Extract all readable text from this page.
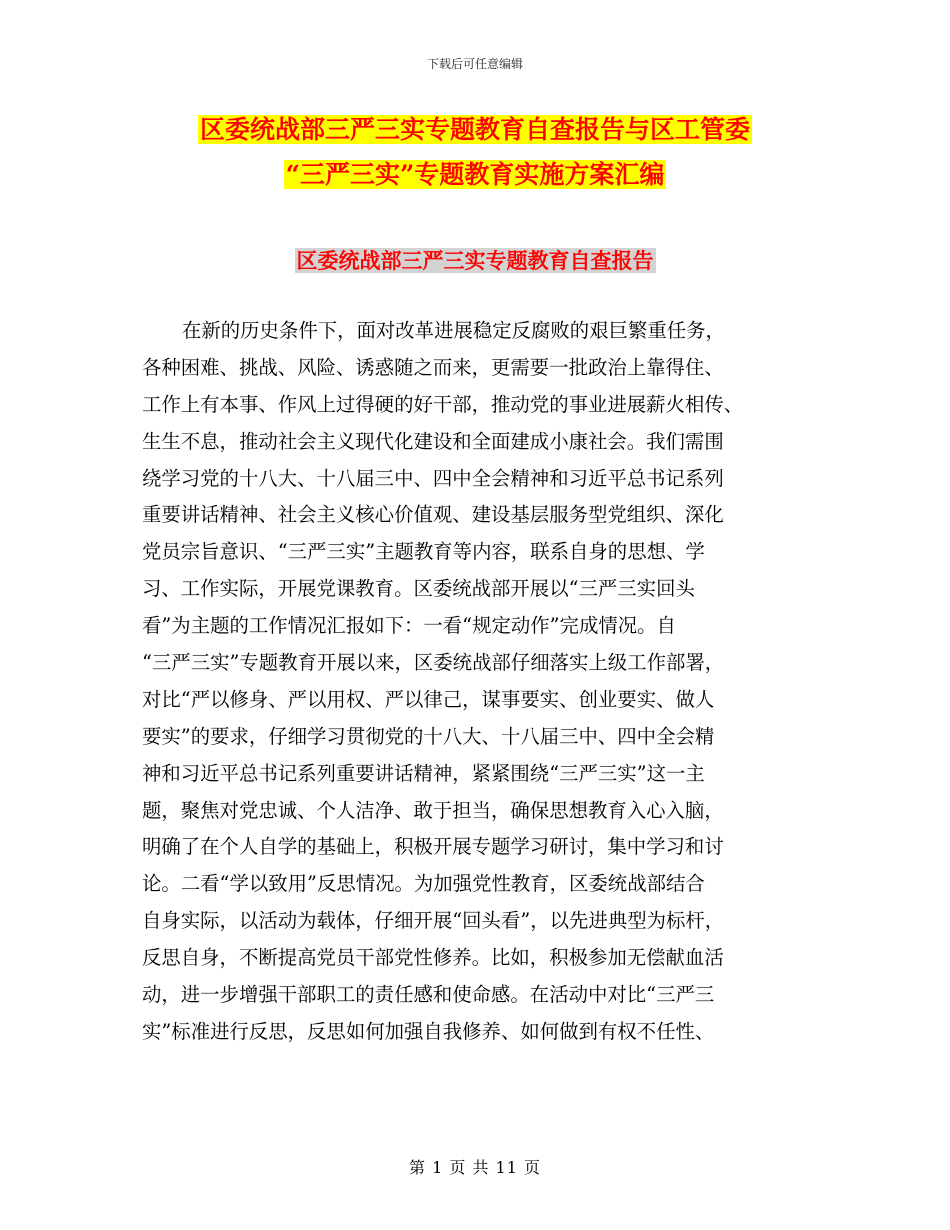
下载后可任意编辑
区委统战部三严三实专题教育自查报告与区工管委
“三严三实”专题教育实施方案汇编
区委统战部三严三实专题教育自查报告
在新的历史条件下，面对改革进展稳定反腐败的艰巨繁重任务，
各种困难、挑战、风险、诱惑随之而来，更需要一批政治上靠得住、
工作上有本事、作风上过得硬的好干部，推动党的事业进展薪火相传、
生生不息，推动社会主义现代化建设和全面建成小康社会。我们需围
绕学习党的十八大、十八届三中、四中全会精神和习近平总书记系列
重要讲话精神、社会主义核心价值观、建设基层服务型党组织、深化
党员宗旨意识、“三严三实”主题教育等内容，联系自身的思想、学
习、工作实际，开展党课教育。区委统战部开展以“三严三实回头
看”为主题的工作情况汇报如下：一看“规定动作”完成情况。自
“三严三实”专题教育开展以来，区委统战部仔细落实上级工作部署，
对比“严以修身、严以用权、严以律己，谋事要实、创业要实、做人
要实”的要求，仔细学习贯彻党的十八大、十八届三中、四中全会精
神和习近平总书记系列重要讲话精神，紧紧围绕“三严三实”这一主
题，聚焦对党忠诚、个人洁净、敢于担当，确保思想教育入心入脑，
明确了在个人自学的基础上，积极开展专题学习研讨，集中学习和讨
论。二看“学以致用”反思情况。为加强党性教育，区委统战部结合
自身实际，以活动为载体，仔细开展“回头看”，以先进典型为标杆，
反思自身，不断提高党员干部党性修养。比如，积极参加无偿献血活
动，进一步增强干部职工的责任感和使命感。在活动中对比“三严三
实”标准进行反思，反思如何加强自我修养、如何做到有权不任性、
第 1 页 共 11 页
